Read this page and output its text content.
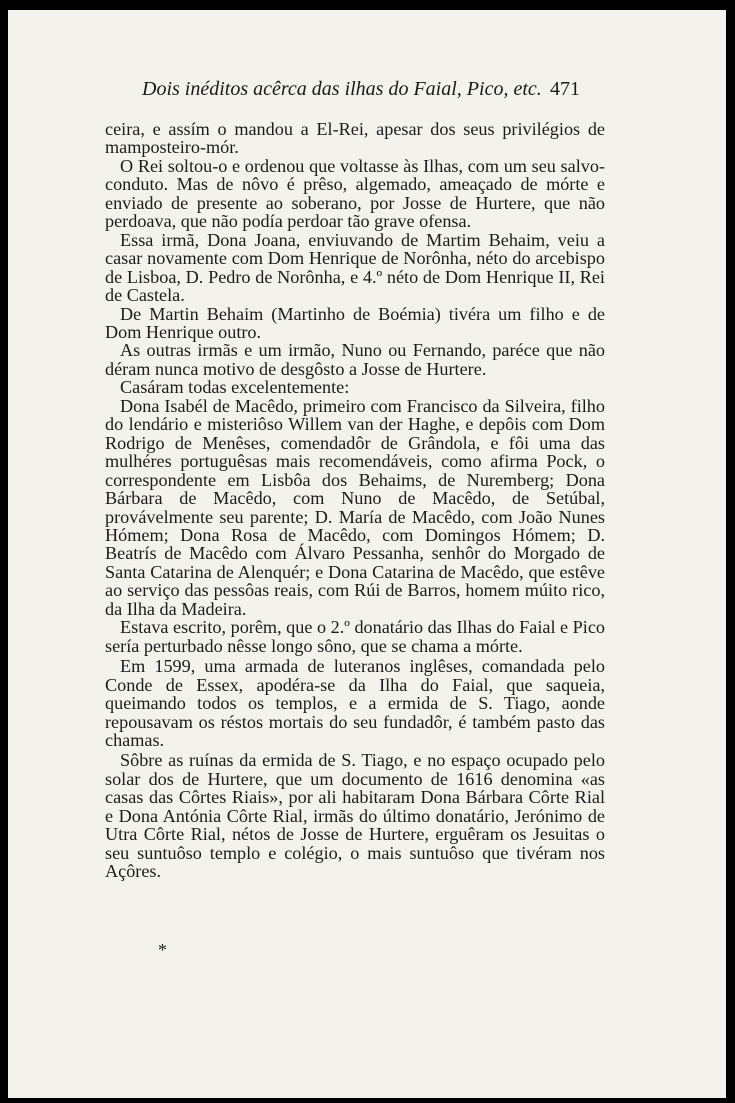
Dois inéditos acêrca das ilhas do Faial, Pico, etc. 471

ceira, e assím o mandou a El-Rei, apesar dos seus privilégios de mamposteiro-mór.

O Rei soltou-o e ordenou que voltasse às Ilhas, com um seu salvo-conduto. Mas de nôvo é prêso, algemado, ameaçado de mórte e enviado de presente ao soberano, por Josse de Hurtere, que não perdoava, que não podía perdoar tão grave ofensa.

Essa irmã, Dona Joana, enviuvando de Martim Behaim, veiu a casar novamente com Dom Henrique de Norônha, néto do arcebispo de Lisboa, D. Pedro de Norônha, e 4.º néto de Dom Henrique II, Rei de Castela.

De Martin Behaim (Martinho de Boémia) tivéra um filho e de Dom Henrique outro.

As outras irmãs e um irmão, Nuno ou Fernando, paréce que não déram nunca motivo de desgôsto a Josse de Hurtere.

Casáram todas excelentemente:

Dona Isabél de Macêdo, primeiro com Francisco da Silveira, filho do lendário e misteriôso Willem van der Haghe, e depôis com Dom Rodrigo de Menêses, comendadôr de Grândola, e fôi uma das mulhéres portuguêsas mais recomendáveis, como afirma Pock, o correspondente em Lisbôa dos Behaims, de Nuremberg; Dona Bárbara de Macêdo, com Nuno de Macêdo, de Setúbal, provávelmente seu parente; D. María de Macêdo, com João Nunes Hómem; Dona Rosa de Macêdo, com Domingos Hómem; D. Beatrís de Macêdo com Álvaro Pessanha, senhôr do Morgado de Santa Catarina de Alenquér; e Dona Catarina de Macêdo, que estêve ao serviço das pessôas reais, com Rúi de Barros, homem múito rico, da Ilha da Madeira.

Estava escrito, porêm, que o 2.º donatário das Ilhas do Faial e Pico sería perturbado nêsse longo sôno, que se chama a mórte.

Em 1599, uma armada de luteranos inglêses, comandada pelo Conde de Essex, apodéra-se da Ilha do Faial, que saqueia, queimando todos os templos, e a ermida de S. Tiago, aonde repousavam os réstos mortais do seu fundadôr, é também pasto das chamas.

Sôbre as ruínas da ermida de S. Tiago, e no espaço ocupado pelo solar dos de Hurtere, que um documento de 1616 denomina «as casas das Côrtes Riais», por ali habitaram Dona Bárbara Côrte Rial e Dona Antónia Côrte Rial, irmãs do último donatário, Jerónimo de Utra Côrte Rial, nétos de Josse de Hurtere, erguêram os Jesuitas o seu suntuôso templo e colégio, o mais suntuôso que tivéram nos Açôres.

*
